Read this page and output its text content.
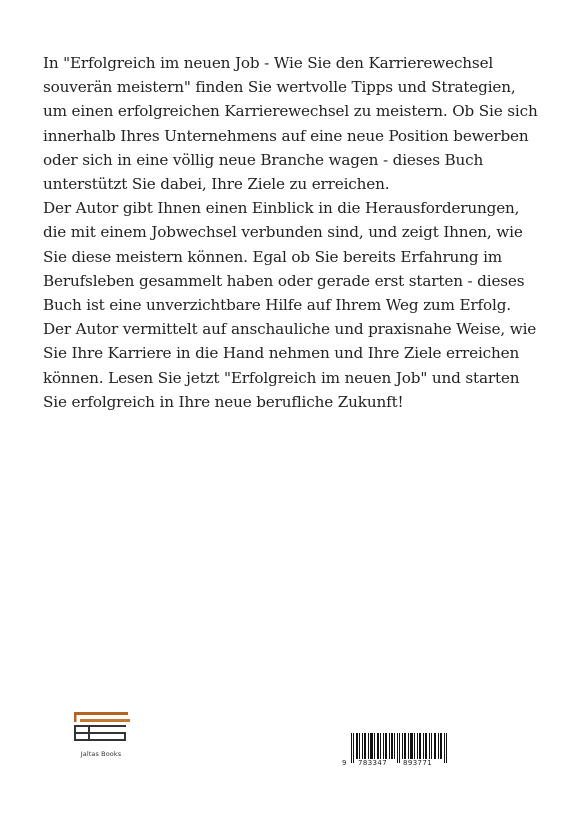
In "Erfolgreich im neuen Job - Wie Sie den Karrierewechsel souverän meistern" finden Sie wertvolle Tipps und Strategien, um einen erfolgreichen Karrierewechsel zu meistern. Ob Sie sich innerhalb Ihres Unternehmens auf eine neue Position bewerben oder sich in eine völlig neue Branche wagen - dieses Buch unterstützt Sie dabei, Ihre Ziele zu erreichen.

Der Autor gibt Ihnen einen Einblick in die Herausforderungen, die mit einem Jobwechsel verbunden sind, und zeigt Ihnen, wie Sie diese meistern können. Egal ob Sie bereits Erfahrung im Berufsleben gesammelt haben oder gerade erst starten - dieses Buch ist eine unverzichtbare Hilfe auf Ihrem Weg zum Erfolg. Der Autor vermittelt auf anschauliche und praxisnahe Weise, wie Sie Ihre Karriere in die Hand nehmen und Ihre Ziele erreichen können. Lesen Sie jetzt "Erfolgreich im neuen Job" und starten Sie erfolgreich in Ihre neue berufliche Zukunft!

Jaltas Books
9 783347 893771
